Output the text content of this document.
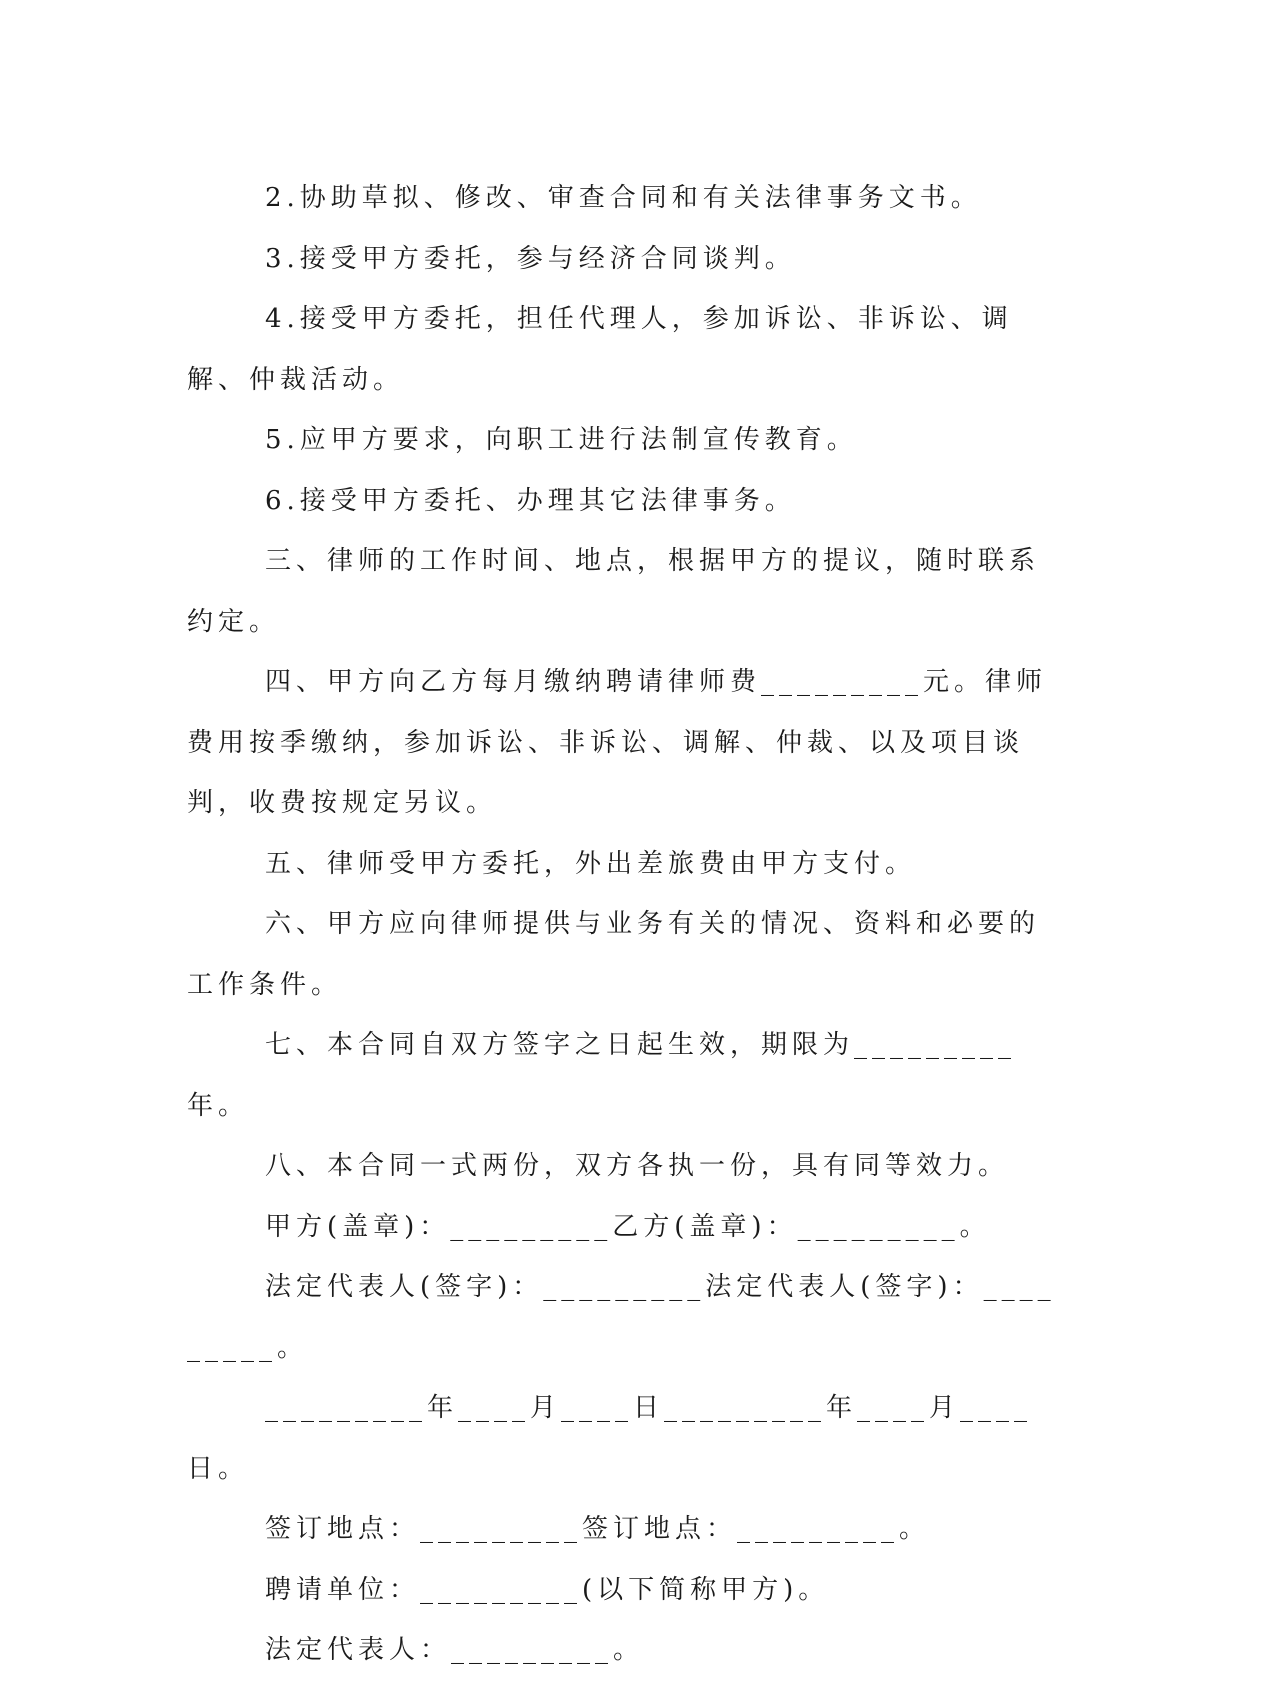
2.协助草拟、修改、审查合同和有关法律事务文书。

3.接受甲方委托，参与经济合同谈判。

4.接受甲方委托，担任代理人，参加诉讼、非诉讼、调解、仲裁活动。

5.应甲方要求，向职工进行法制宣传教育。

6.接受甲方委托、办理其它法律事务。

三、律师的工作时间、地点，根据甲方的提议，随时联系约定。

四、甲方向乙方每月缴纳聘请律师费_________元。律师费用按季缴纳，参加诉讼、非诉讼、调解、仲裁、以及项目谈判，收费按规定另议。

五、律师受甲方委托，外出差旅费由甲方支付。

六、甲方应向律师提供与业务有关的情况、资料和必要的工作条件。

七、本合同自双方签字之日起生效，期限为_________年。

八、本合同一式两份，双方各执一份，具有同等效力。

甲方(盖章)：_________乙方(盖章)：_________。

法定代表人(签字)：_________法定代表人(签字)：_________。

_________年____月____日_________年____月____日。

签订地点：_________签订地点：_________。

聘请单位：_________(以下简称甲方)。

法定代表人：_________。
